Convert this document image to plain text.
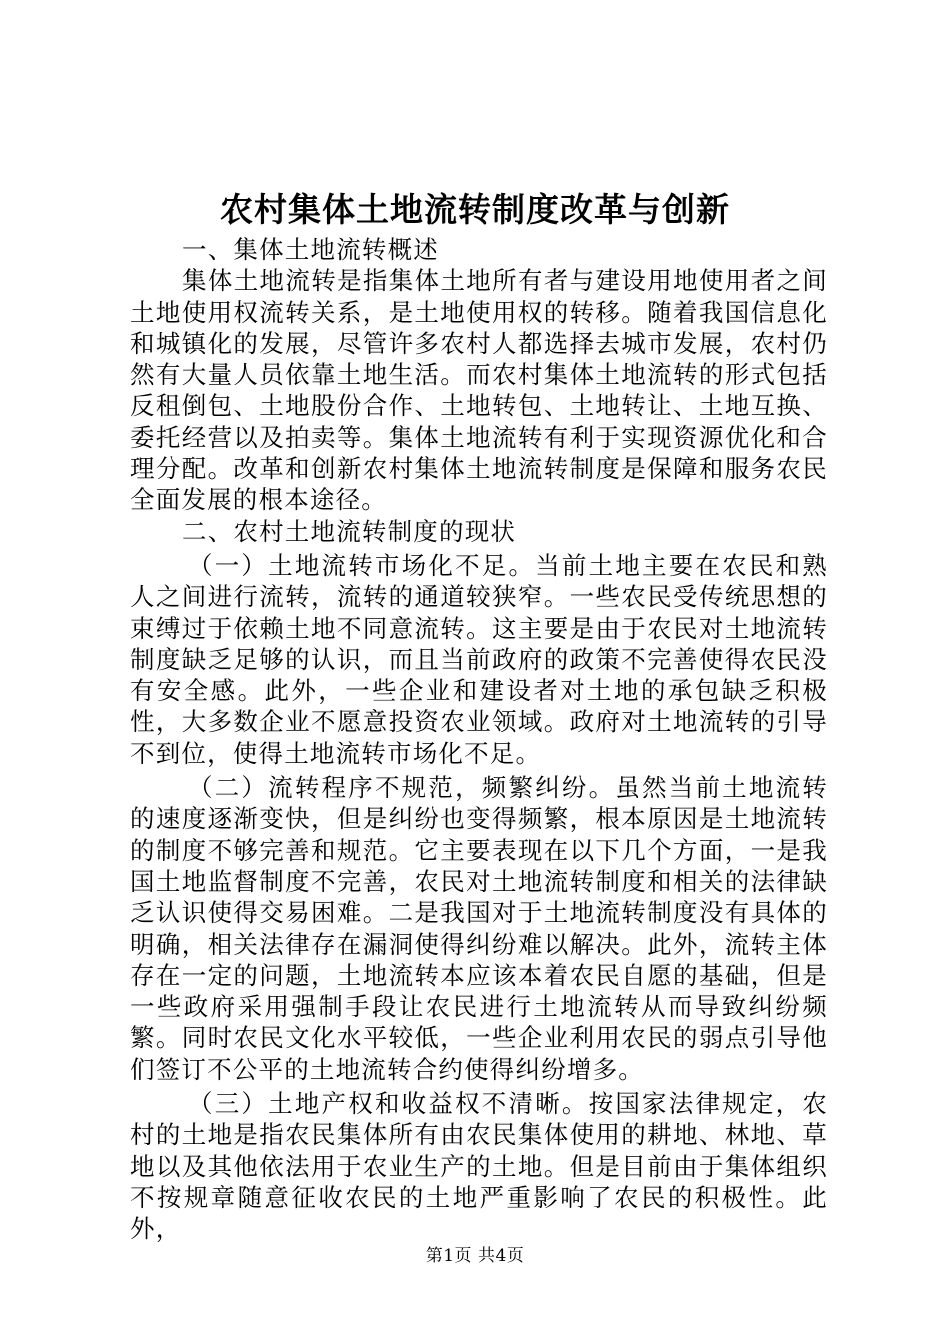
农村集体土地流转制度改革与创新

一、集体土地流转概述

集体土地流转是指集体土地所有者与建设用地使用者之间土地使用权流转关系，是土地使用权的转移。随着我国信息化和城镇化的发展，尽管许多农村人都选择去城市发展，农村仍然有大量人员依靠土地生活。而农村集体土地流转的形式包括反租倒包、土地股份合作、土地转包、土地转让、土地互换、委托经营以及拍卖等。集体土地流转有利于实现资源优化和合理分配。改革和创新农村集体土地流转制度是保障和服务农民全面发展的根本途径。

二、农村土地流转制度的现状

（一）土地流转市场化不足。当前土地主要在农民和熟人之间进行流转，流转的通道较狭窄。一些农民受传统思想的束缚过于依赖土地不同意流转。这主要是由于农民对土地流转制度缺乏足够的认识，而且当前政府的政策不完善使得农民没有安全感。此外，一些企业和建设者对土地的承包缺乏积极性，大多数企业不愿意投资农业领域。政府对土地流转的引导不到位，使得土地流转市场化不足。

（二）流转程序不规范，频繁纠纷。虽然当前土地流转的速度逐渐变快，但是纠纷也变得频繁，根本原因是土地流转的制度不够完善和规范。它主要表现在以下几个方面，一是我国土地监督制度不完善，农民对土地流转制度和相关的法律缺乏认识使得交易困难。二是我国对于土地流转制度没有具体的明确，相关法律存在漏洞使得纠纷难以解决。此外，流转主体存在一定的问题，土地流转本应该本着农民自愿的基础，但是一些政府采用强制手段让农民进行土地流转从而导致纠纷频繁。同时农民文化水平较低，一些企业利用农民的弱点引导他们签订不公平的土地流转合约使得纠纷增多。

（三）土地产权和收益权不清晰。按国家法律规定，农村的土地是指农民集体所有由农民集体使用的耕地、林地、草地以及其他依法用于农业生产的土地。但是目前由于集体组织不按规章随意征收农民的土地严重影响了农民的积极性。此外，

第1页 共4页
